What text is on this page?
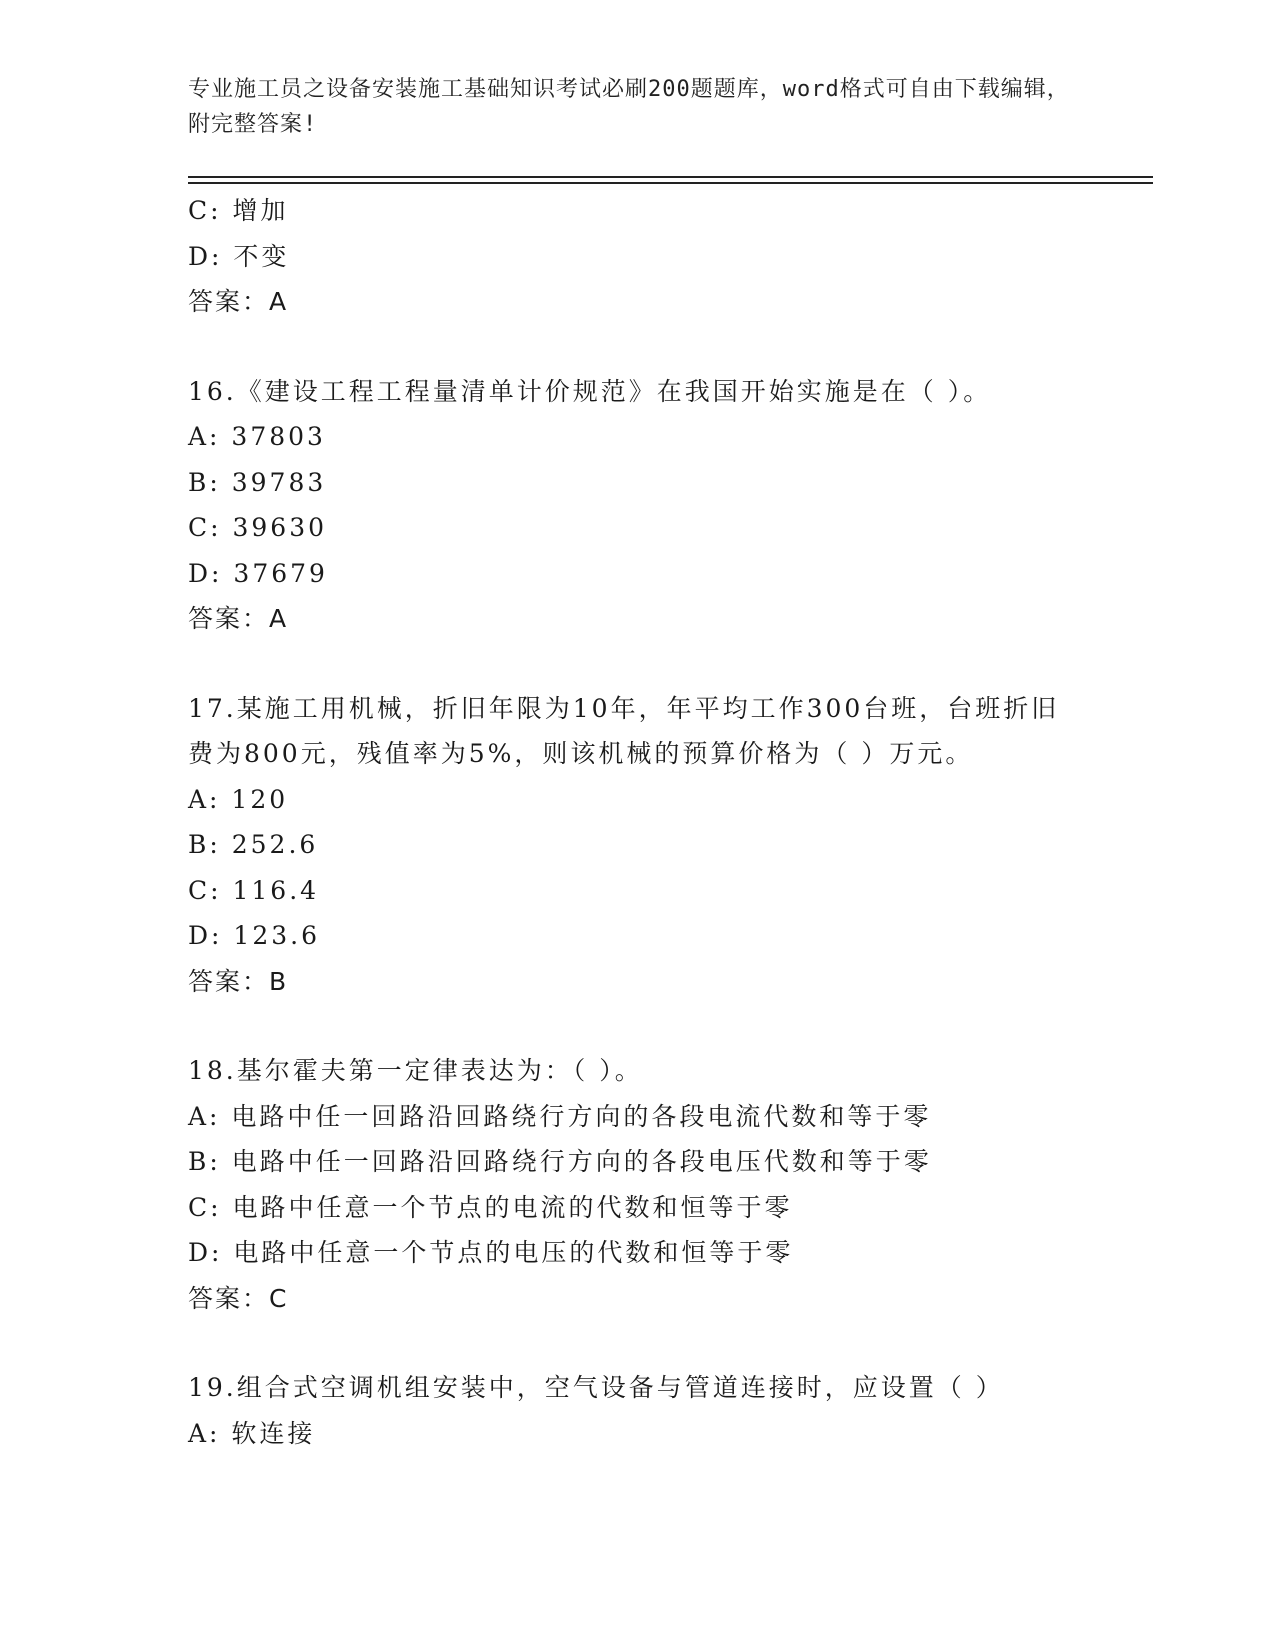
专业施工员之设备安装施工基础知识考试必刷200题题库，word格式可自由下载编辑，附完整答案!
C: 增加
D: 不变
答案：A
16.《建设工程工程量清单计价规范》在我国开始实施是在（ ）。
A: 37803
B: 39783
C: 39630
D: 37679
答案：A
17.某施工用机械，折旧年限为10年，年平均工作300台班，台班折旧费为800元，残值率为5%，则该机械的预算价格为（ ）万元。
A: 120
B: 252.6
C: 116.4
D: 123.6
答案：B
18.基尔霍夫第一定律表达为：（ ）。
A: 电路中任一回路沿回路绕行方向的各段电流代数和等于零
B: 电路中任一回路沿回路绕行方向的各段电压代数和等于零
C: 电路中任意一个节点的电流的代数和恒等于零
D: 电路中任意一个节点的电压的代数和恒等于零
答案：C
19.组合式空调机组安装中，空气设备与管道连接时，应设置（ ）
A: 软连接
